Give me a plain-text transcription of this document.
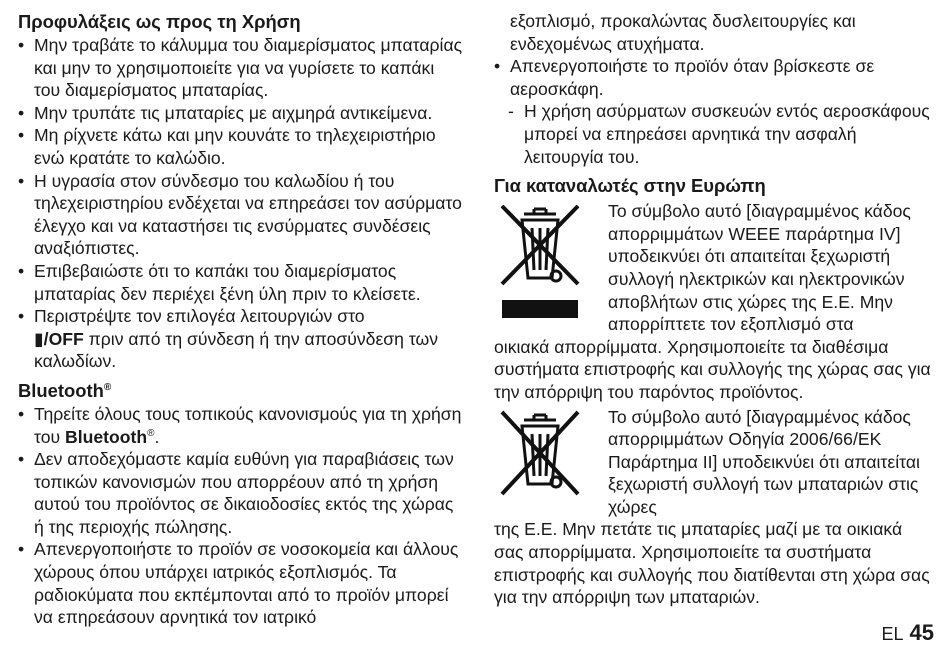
Προφυλάξεις ως προς τη Χρήση
• Μην τραβάτε το κάλυμμα του διαμερίσματος μπαταρίας και μην το χρησιμοποιείτε για να γυρίσετε το καπάκι του διαμερίσματος μπαταρίας.
• Μην τρυπάτε τις μπαταρίες με αιχμηρά αντικείμενα.
• Μη ρίχνετε κάτω και μην κουνάτε το τηλεχειριστήριο ενώ κρατάτε το καλώδιο.
• Η υγρασία στον σύνδεσμο του καλωδίου ή του τηλεχειριστηρίου ενδέχεται να επηρεάσει τον ασύρματο έλεγχο και να καταστήσει τις ενσύρματες συνδέσεις αναξιόπιστες.
• Επιβεβαιώστε ότι το καπάκι του διαμερίσματος μπαταρίας δεν περιέχει ξένη ύλη πριν το κλείσετε.
• Περιστρέψτε τον επιλογέα λειτουργιών στο
▮/OFF πριν από τη σύνδεση ή την αποσύνδεση των καλωδίων.
Bluetooth®
• Τηρείτε όλους τους τοπικούς κανονισμούς για τη χρήση του Bluetooth®.
• Δεν αποδεχόμαστε καμία ευθύνη για παραβιάσεις των τοπικών κανονισμών που απορρέουν από τη χρήση αυτού του προϊόντος σε δικαιοδοσίες εκτός της χώρας ή της περιοχής πώλησης.
• Απενεργοποιήστε το προϊόν σε νοσοκομεία και άλλους χώρους όπου υπάρχει ιατρικός εξοπλισμός. Τα ραδιοκύματα που εκπέμπονται από το προϊόν μπορεί να επηρεάσουν αρνητικά τον ιατρικό
εξοπλισμό, προκαλώντας δυσλειτουργίες και ενδεχομένως ατυχήματα.
• Απενεργοποιήστε το προϊόν όταν βρίσκεστε σε αεροσκάφη.
- Η χρήση ασύρματων συσκευών εντός αεροσκάφους μπορεί να επηρεάσει αρνητικά την ασφαλή λειτουργία του.
Για καταναλωτές στην Ευρώπη
Το σύμβολο αυτό [διαγραμμένος κάδος απορριμμάτων WEEE παράρτημα IV] υποδεικνύει ότι απαιτείται ξεχωριστή συλλογή ηλεκτρικών και ηλεκτρονικών αποβλήτων στις χώρες της Ε.Ε. Μην απορρίπτετε τον εξοπλισμό στα
οικιακά απορρίμματα. Χρησιμοποιείτε τα διαθέσιμα συστήματα επιστροφής και συλλογής της χώρας σας για την απόρριψη του παρόντος προϊόντος.
Το σύμβολο αυτό [διαγραμμένος κάδος απορριμμάτων Οδηγία 2006/66/ΕΚ Παράρτημα II] υποδεικνύει ότι απαιτείται ξεχωριστή συλλογή των μπαταριών στις χώρες
της Ε.Ε. Μην πετάτε τις μπαταρίες μαζί με τα οικιακά σας απορρίμματα. Χρησιμοποιείτε τα συστήματα επιστροφής και συλλογής που διατίθενται στη χώρα σας για την απόρριψη των μπαταριών.
EL 45
